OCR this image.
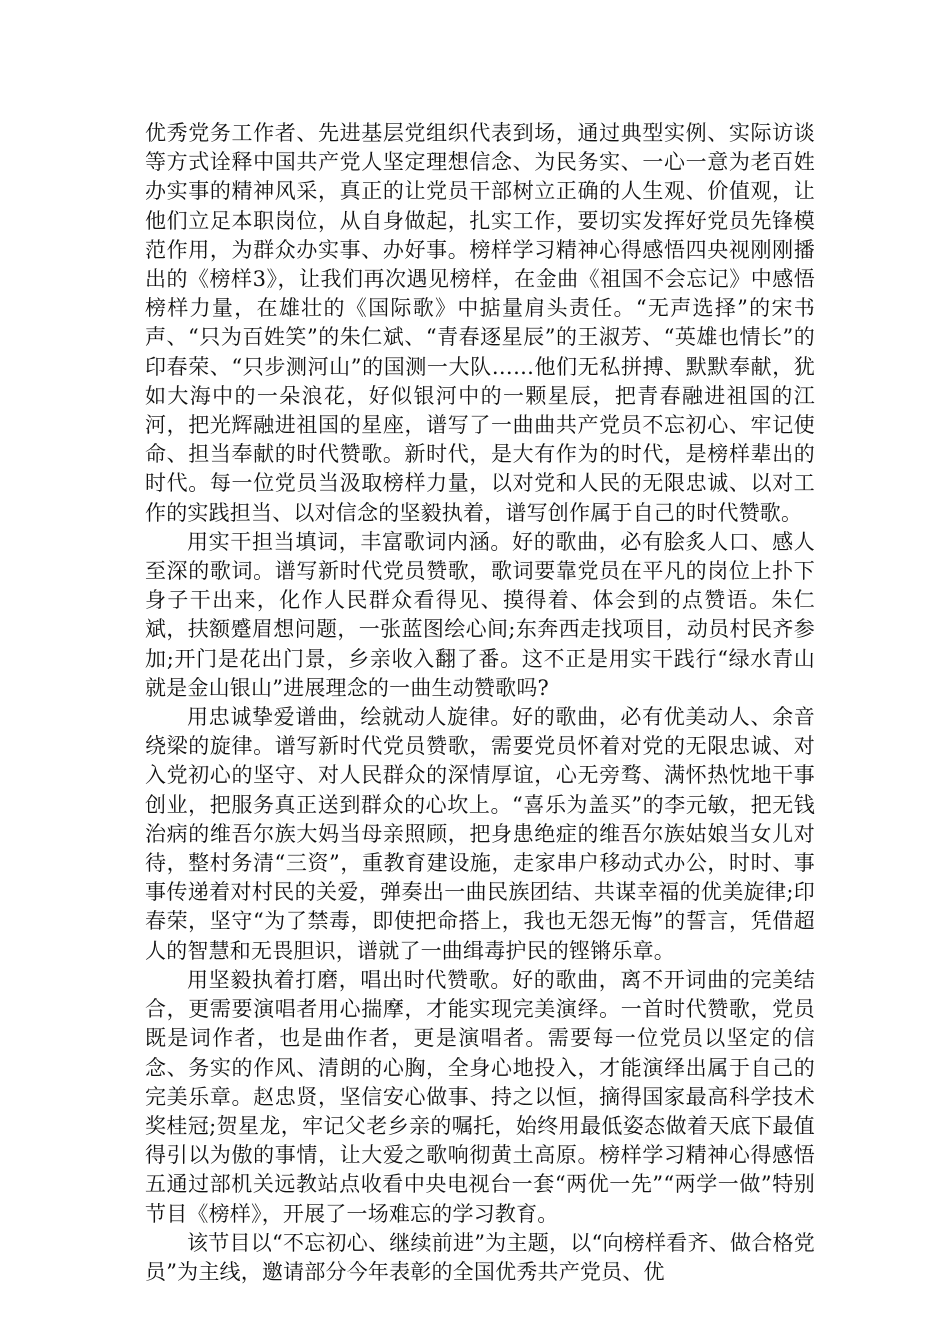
优秀党务工作者、先进基层党组织代表到场，通过典型实例、实际访谈等方式诠释中国共产党人坚定理想信念、为民务实、一心一意为老百姓办实事的精神风采，真正的让党员干部树立正确的人生观、价值观，让他们立足本职岗位，从自身做起，扎实工作，要切实发挥好党员先锋模范作用，为群众办实事、办好事。榜样学习精神心得感悟四央视刚刚播出的《榜样3》，让我们再次遇见榜样，在金曲《祖国不会忘记》中感悟榜样力量，在雄壮的《国际歌》中掂量肩头责任。“无声选择”的宋书声、“只为百姓笑”的朱仁斌、“青春逐星辰”的王淑芳、“英雄也情长”的印春荣、“只步测河山”的国测一大队……他们无私拼搏、默默奉献，犹如大海中的一朵浪花，好似银河中的一颗星辰，把青春融进祖国的江河，把光辉融进祖国的星座，谱写了一曲曲共产党员不忘初心、牢记使命、担当奉献的时代赞歌。新时代，是大有作为的时代，是榜样辈出的时代。每一位党员当汲取榜样力量，以对党和人民的无限忠诚、以对工作的实践担当、以对信念的坚毅执着，谱写创作属于自己的时代赞歌。

用实干担当填词，丰富歌词内涵。好的歌曲，必有脍炙人口、感人至深的歌词。谱写新时代党员赞歌，歌词要靠党员在平凡的岗位上扑下身子干出来，化作人民群众看得见、摸得着、体会到的点赞语。朱仁斌，扶额蹙眉想问题，一张蓝图绘心间;东奔西走找项目，动员村民齐参加;开门是花出门景，乡亲收入翻了番。这不正是用实干践行“绿水青山就是金山银山”进展理念的一曲生动赞歌吗?

用忠诚挚爱谱曲，绘就动人旋律。好的歌曲，必有优美动人、余音绕梁的旋律。谱写新时代党员赞歌，需要党员怀着对党的无限忠诚、对入党初心的坚守、对人民群众的深情厚谊，心无旁骛、满怀热忱地干事创业，把服务真正送到群众的心坎上。“喜乐为盖买”的李元敏，把无钱治病的维吾尔族大妈当母亲照顾，把身患绝症的维吾尔族姑娘当女儿对待，整村务清“三资”，重教育建设施，走家串户移动式办公，时时、事事传递着对村民的关爱，弹奏出一曲民族团结、共谋幸福的优美旋律;印春荣，坚守“为了禁毒，即使把命搭上，我也无怨无悔”的誓言，凭借超人的智慧和无畏胆识，谱就了一曲缉毒护民的铿锵乐章。

用坚毅执着打磨，唱出时代赞歌。好的歌曲，离不开词曲的完美结合，更需要演唱者用心揣摩，才能实现完美演绎。一首时代赞歌，党员既是词作者，也是曲作者，更是演唱者。需要每一位党员以坚定的信念、务实的作风、清朗的心胸，全身心地投入，才能演绎出属于自己的完美乐章。赵忠贤，坚信安心做事、持之以恒，摘得国家最高科学技术奖桂冠;贺星龙，牢记父老乡亲的嘱托，始终用最低姿态做着天底下最值得引以为傲的事情，让大爱之歌响彻黄土高原。榜样学习精神心得感悟五通过部机关远教站点收看中央电视台一套“两优一先”“两学一做”特别节目《榜样》，开展了一场难忘的学习教育。

该节目以“不忘初心、继续前进”为主题，以“向榜样看齐、做合格党员”为主线，邀请部分今年表彰的全国优秀共产党员、优
